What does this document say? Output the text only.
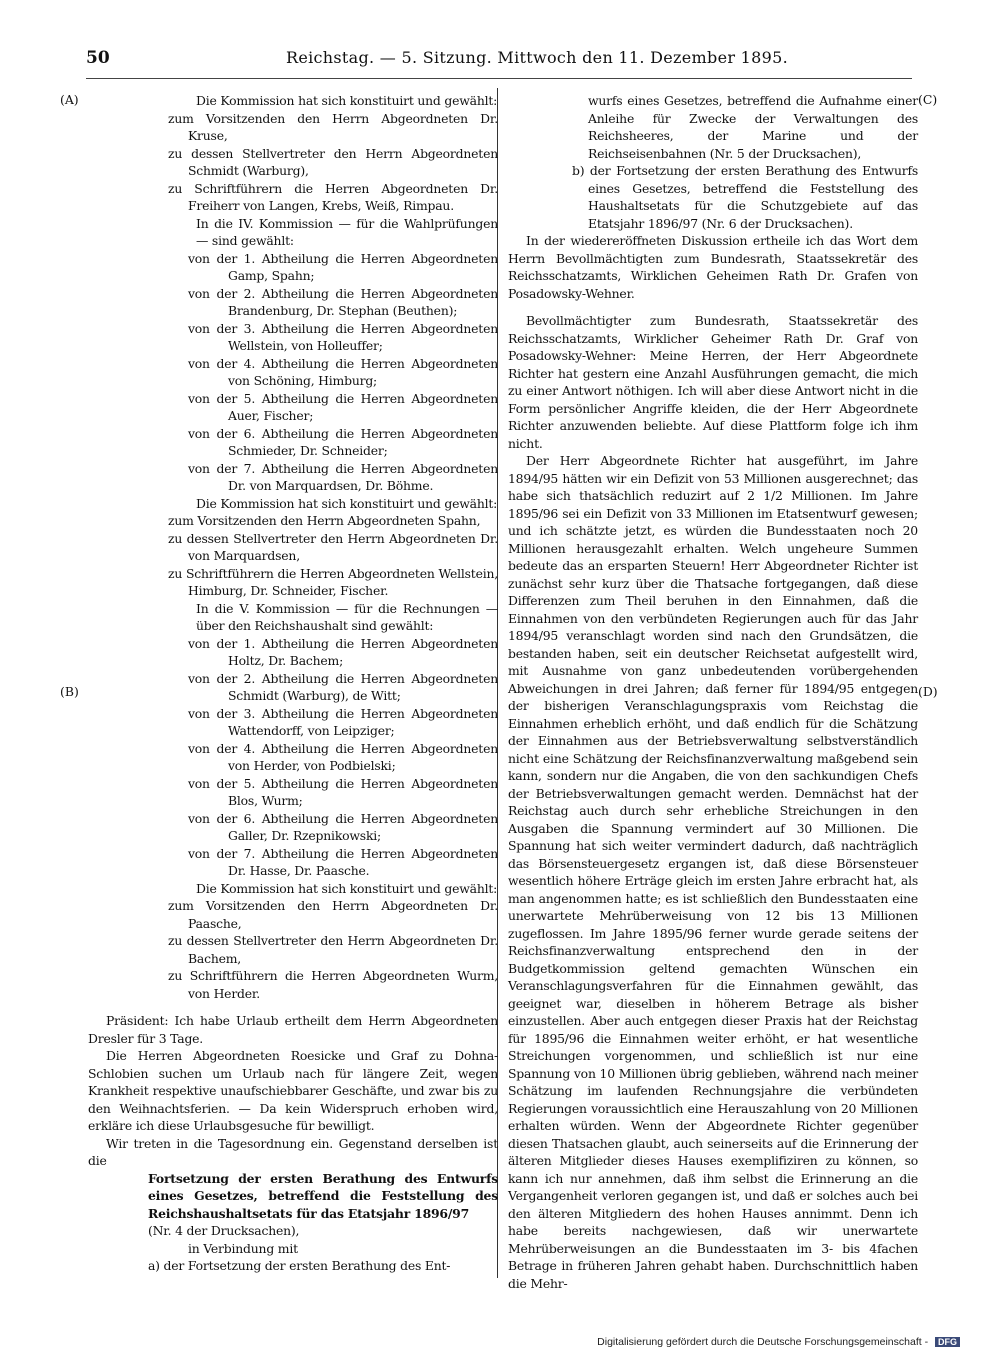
50	Reichstag. — 5. Sitzung. Mittwoch den 11. Dezember 1895.
(A)
(B)
(C)
(D)

Die Kommission hat sich konstituirt und gewählt:

zum Vorsitzenden den Herrn Abgeordneten Dr. Kruse,

zu dessen Stellvertreter den Herrn Abgeordneten Schmidt (Warburg),

zu Schriftführern die Herren Abgeordneten Dr. Freiherr von Langen, Krebs, Weiß, Rimpau.

In die IV. Kommission — für die Wahlprüfungen — sind gewählt:

von der 1. Abtheilung die Herren Abgeordneten Gamp, Spahn;

von der 2. Abtheilung die Herren Abgeordneten Brandenburg, Dr. Stephan (Beuthen);

von der 3. Abtheilung die Herren Abgeordneten Wellstein, von Holleuffer;

von der 4. Abtheilung die Herren Abgeordneten von Schöning, Himburg;

von der 5. Abtheilung die Herren Abgeordneten Auer, Fischer;

von der 6. Abtheilung die Herren Abgeordneten Schmieder, Dr. Schneider;

von der 7. Abtheilung die Herren Abgeordneten Dr. von Marquardsen, Dr. Böhme.

Die Kommission hat sich konstituirt und gewählt:

zum Vorsitzenden den Herrn Abgeordneten Spahn,

zu dessen Stellvertreter den Herrn Abgeordneten Dr. von Marquardsen,

zu Schriftführern die Herren Abgeordneten Wellstein, Himburg, Dr. Schneider, Fischer.

In die V. Kommission — für die Rechnungen — über den Reichshaushalt sind gewählt:

von der 1. Abtheilung die Herren Abgeordneten Holtz, Dr. Bachem;

von der 2. Abtheilung die Herren Abgeordneten Schmidt (Warburg), de Witt;

von der 3. Abtheilung die Herren Abgeordneten Wattendorff, von Leipziger;

von der 4. Abtheilung die Herren Abgeordneten von Herder, von Podbielski;

von der 5. Abtheilung die Herren Abgeordneten Blos, Wurm;

von der 6. Abtheilung die Herren Abgeordneten Galler, Dr. Rzepnikowski;

von der 7. Abtheilung die Herren Abgeordneten Dr. Hasse, Dr. Paasche.

Die Kommission hat sich konstituirt und gewählt:

zum Vorsitzenden den Herrn Abgeordneten Dr. Paasche,

zu dessen Stellvertreter den Herrn Abgeordneten Dr. Bachem,

zu Schriftführern die Herren Abgeordneten Wurm, von Herder.

Präsident: Ich habe Urlaub ertheilt dem Herrn Abgeordneten Dresler für 3 Tage.

Die Herren Abgeordneten Roesicke und Graf zu Dohna-Schlobien suchen um Urlaub nach für längere Zeit, wegen Krankheit respektive unaufschiebbarer Geschäfte, und zwar bis zu den Weihnachtsferien. — Da kein Widerspruch erhoben wird, erkläre ich diese Urlaubsgesuche für bewilligt.

Wir treten in die Tagesordnung ein. Gegenstand derselben ist die

Fortsetzung der ersten Berathung des Entwurfs eines Gesetzes, betreffend die Feststellung des Reichshaushaltsetats für das Etatsjahr 1896/97

(Nr. 4 der Drucksachen),

in Verbindung mit

a) der Fortsetzung der ersten Berathung des Ent-

wurfs eines Gesetzes, betreffend die Aufnahme einer Anleihe für Zwecke der Verwaltungen des Reichsheeres, der Marine und der Reichseisenbahnen (Nr. 5 der Drucksachen),

b) der Fortsetzung der ersten Berathung des Entwurfs eines Gesetzes, betreffend die Feststellung des Haushaltsetats für die Schutzgebiete auf das Etatsjahr 1896/97 (Nr. 6 der Drucksachen).

In der wiedereröffneten Diskussion ertheile ich das Wort dem Herrn Bevollmächtigten zum Bundesrath, Staatssekretär des Reichsschatzamts, Wirklichen Geheimen Rath Dr. Grafen von Posadowsky-Wehner.

Bevollmächtigter zum Bundesrath, Staatssekretär des Reichsschatzamts, Wirklicher Geheimer Rath Dr. Graf von Posadowsky-Wehner: Meine Herren, der Herr Abgeordnete Richter hat gestern eine Anzahl Ausführungen gemacht, die mich zu einer Antwort nöthigen. Ich will aber diese Antwort nicht in die Form persönlicher Angriffe kleiden, die der Herr Abgeordnete Richter anzuwenden beliebte. Auf diese Plattform folge ich ihm nicht.

Der Herr Abgeordnete Richter hat ausgeführt, im Jahre 1894/95 hätten wir ein Defizit von 53 Millionen ausgerechnet; das habe sich thatsächlich reduzirt auf 2 1/2 Millionen. Im Jahre 1895/96 sei ein Defizit von 33 Millionen im Etatsentwurf gewesen; und ich schätzte jetzt, es würden die Bundesstaaten noch 20 Millionen herausgezahlt erhalten. Welch ungeheure Summen bedeute das an ersparten Steuern! Herr Abgeordneter Richter ist zunächst sehr kurz über die Thatsache fortgegangen, daß diese Differenzen zum Theil beruhen in den Einnahmen, daß die Einnahmen von den verbündeten Regierungen auch für das Jahr 1894/95 veranschlagt worden sind nach den Grundsätzen, die bestanden haben, seit ein deutscher Reichsetat aufgestellt wird, mit Ausnahme von ganz unbedeutenden vorübergehenden Abweichungen in drei Jahren; daß ferner für 1894/95 entgegen der bisherigen Veranschlagungspraxis vom Reichstag die Einnahmen erheblich erhöht, und daß endlich für die Schätzung der Einnahmen aus der Betriebsverwaltung selbstverständlich nicht eine Schätzung der Reichsfinanzverwaltung maßgebend sein kann, sondern nur die Angaben, die von den sachkundigen Chefs der Betriebsverwaltungen gemacht werden. Demnächst hat der Reichstag auch durch sehr erhebliche Streichungen in den Ausgaben die Spannung vermindert auf 30 Millionen. Die Spannung hat sich weiter vermindert dadurch, daß nachträglich das Börsensteuergesetz ergangen ist, daß diese Börsensteuer wesentlich höhere Erträge gleich im ersten Jahre erbracht hat, als man angenommen hatte; es ist schließlich den Bundesstaaten eine unerwartete Mehrüberweisung von 12 bis 13 Millionen zugeflossen. Im Jahre 1895/96 ferner wurde gerade seitens der Reichsfinanzverwaltung entsprechend den in der Budgetkommission geltend gemachten Wünschen ein Veranschlagungsverfahren für die Einnahmen gewählt, das geeignet war, dieselben in höherem Betrage als bisher einzustellen. Aber auch entgegen dieser Praxis hat der Reichstag für 1895/96 die Einnahmen weiter erhöht, er hat wesentliche Streichungen vorgenommen, und schließlich ist nur eine Spannung von 10 Millionen übrig geblieben, während nach meiner Schätzung im laufenden Rechnungsjahre die verbündeten Regierungen voraussichtlich eine Herauszahlung von 20 Millionen erhalten würden. Wenn der Abgeordnete Richter gegenüber diesen Thatsachen glaubt, auch seinerseits auf die Erinnerung der älteren Mitglieder dieses Hauses exemplifiziren zu können, so kann ich nur annehmen, daß ihm selbst die Erinnerung an die Vergangenheit verloren gegangen ist, und daß er solches auch bei den älteren Mitgliedern des hohen Hauses annimmt. Denn ich habe bereits nachgewiesen, daß wir unerwartete Mehrüberweisungen an die Bundesstaaten im 3- bis 4fachen Betrage in früheren Jahren gehabt haben. Durchschnittlich haben die Mehr-

Digitalisierung gefördert durch die Deutsche Forschungsgemeinschaft - DFG
